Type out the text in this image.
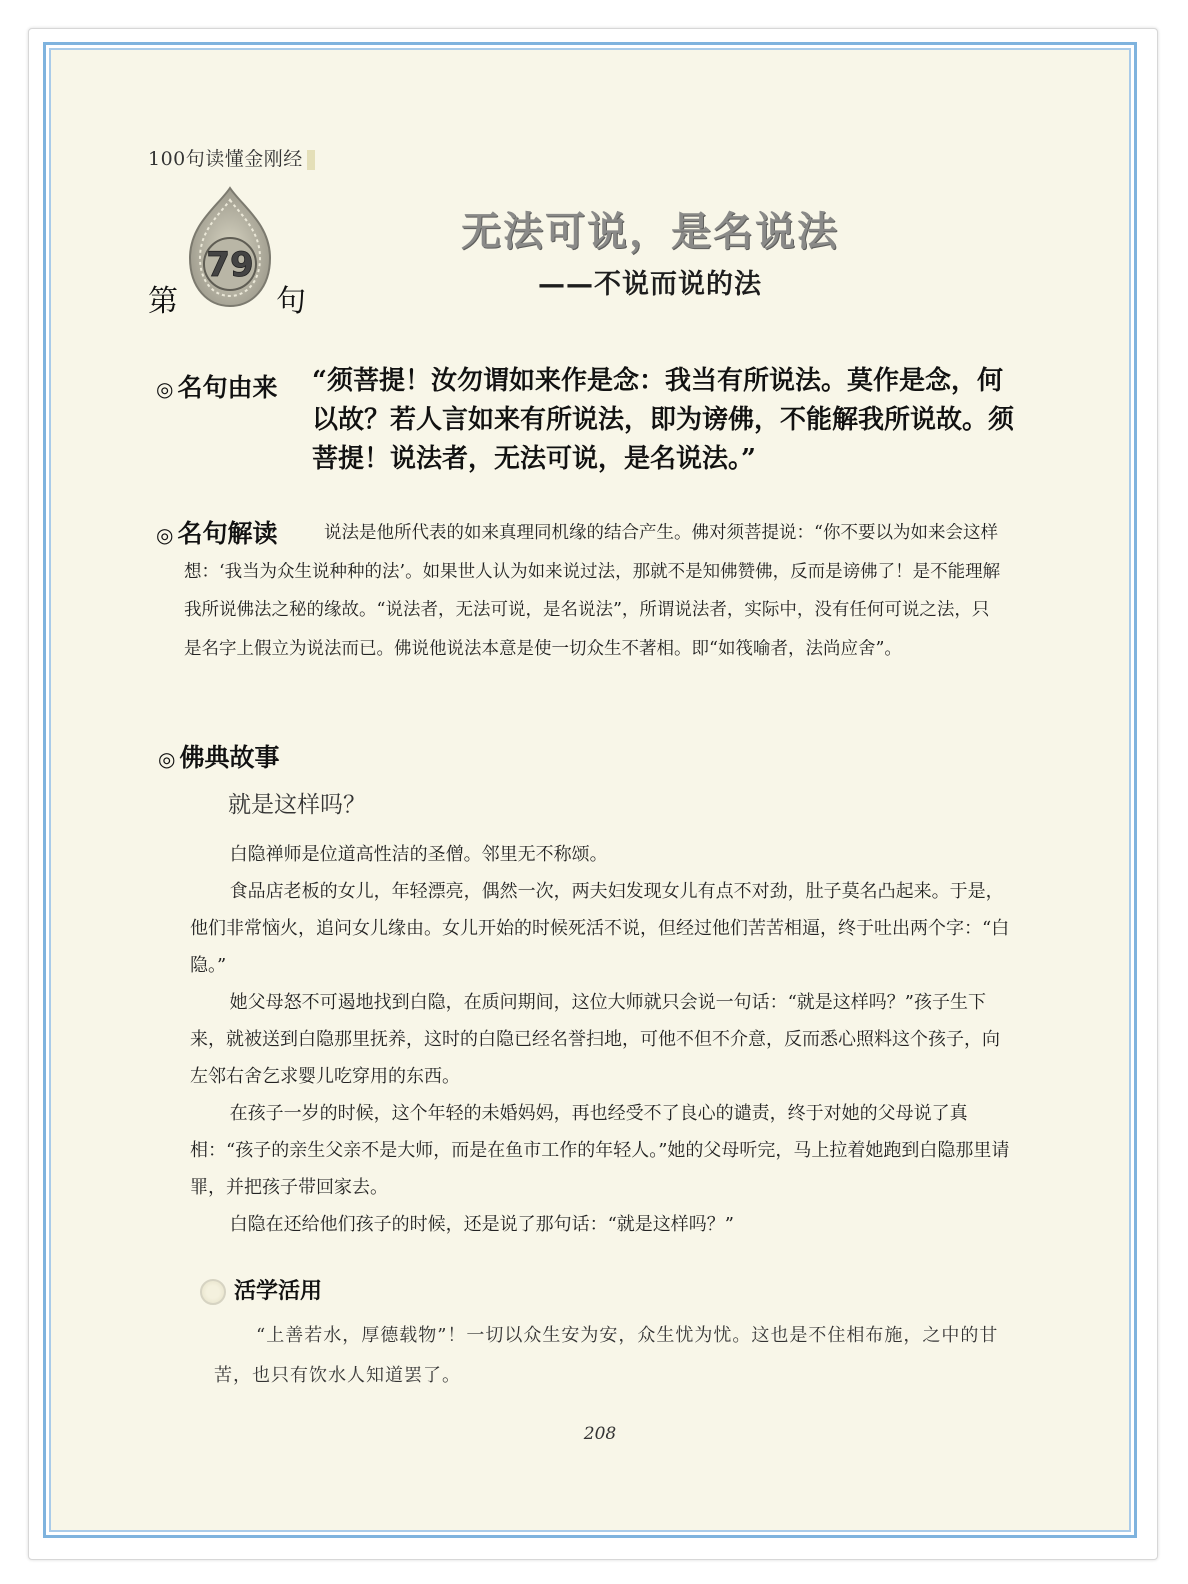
100句读懂金刚经
第
79
句
无法可说，是名说法
——不说而说的法
◎ 名句由来 “须菩提！汝勿谓如来作是念：我当有所说法。莫作是念，何以故？若人言如来有所说法，即为谤佛，不能解我所说故。须菩提！说法者，无法可说，是名说法。”
◎ 名句解读	说法是他所代表的如来真理同机缘的结合产生。佛对须菩提说：“你不要以为如来会这样想：‘我当为众生说种种的法’。如果世人认为如来说过法，那就不是知佛赞佛，反而是谤佛了！是不能理解我所说佛法之秘的缘故。“说法者，无法可说，是名说法”，所谓说法者，实际中，没有任何可说之法，只是名字上假立为说法而已。佛说他说法本意是使一切众生不著相。即“如筏喻者，法尚应舍”。
◎ 佛典故事
就是这样吗？

白隐禅师是位道高性洁的圣僧。邻里无不称颂。

食品店老板的女儿，年轻漂亮，偶然一次，两夫妇发现女儿有点不对劲，肚子莫名凸起来。于是，他们非常恼火，追问女儿缘由。女儿开始的时候死活不说，但经过他们苦苦相逼，终于吐出两个字：“白隐。”

她父母怒不可遏地找到白隐，在质问期间，这位大师就只会说一句话：“就是这样吗？”孩子生下来，就被送到白隐那里抚养，这时的白隐已经名誉扫地，可他不但不介意，反而悉心照料这个孩子，向左邻右舍乞求婴儿吃穿用的东西。

在孩子一岁的时候，这个年轻的未婚妈妈，再也经受不了良心的谴责，终于对她的父母说了真相：“孩子的亲生父亲不是大师，而是在鱼市工作的年轻人。”她的父母听完，马上拉着她跑到白隐那里请罪，并把孩子带回家去。

白隐在还给他们孩子的时候，还是说了那句话：“就是这样吗？”

活学活用
“上善若水，厚德载物”！一切以众生安为安，众生忧为忧。这也是不住相布施，之中的甘苦，也只有饮水人知道罢了。
208
